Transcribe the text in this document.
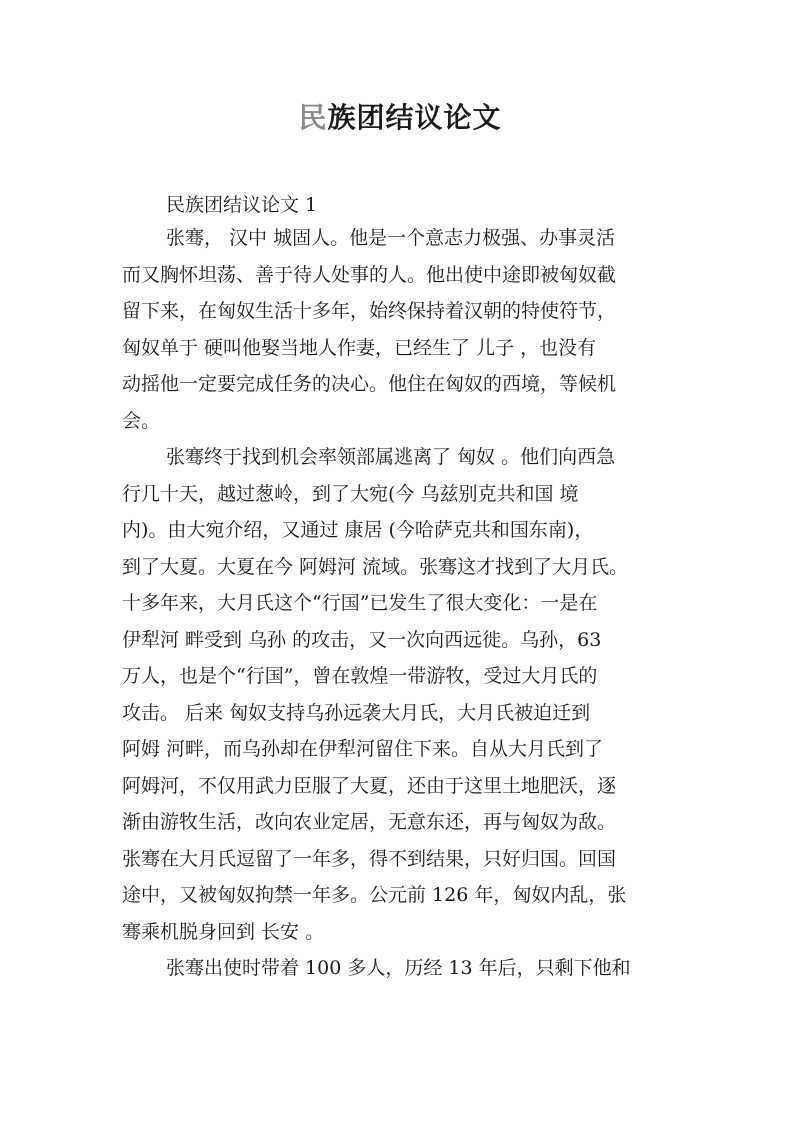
民族团结议论文

民族团结议论文 1

张骞， 汉中 城固人。他是一个意志力极强、办事灵活
而又胸怀坦荡、善于待人处事的人。他出使中途即被匈奴截
留下来，在匈奴生活十多年，始终保持着汉朝的特使符节，
匈奴单于 硬叫他娶当地人作妻，已经生了 儿子 ，也没有
动摇他一定要完成任务的决心。他住在匈奴的西境，等候机
会。

张骞终于找到机会率领部属逃离了 匈奴 。他们向西急
行几十天，越过葱岭，到了大宛(今 乌兹别克共和国 境
内)。由大宛介绍，又通过 康居 (今哈萨克共和国东南)，
到了大夏。大夏在今 阿姆河 流域。张骞这才找到了大月氏。
十多年来，大月氏这个“行国”已发生了很大变化：一是在
伊犁河 畔受到 乌孙 的攻击，又一次向西远徙。乌孙，63
万人，也是个“行国”，曾在敦煌一带游牧，受过大月氏的
攻击。 后来 匈奴支持乌孙远袭大月氏，大月氏被迫迁到
阿姆 河畔，而乌孙却在伊犁河留住下来。自从大月氏到了
阿姆河，不仅用武力臣服了大夏，还由于这里土地肥沃，逐
渐由游牧生活，改向农业定居，无意东还，再与匈奴为敌。
张骞在大月氏逗留了一年多，得不到结果，只好归国。回国
途中，又被匈奴拘禁一年多。公元前 126 年，匈奴内乱，张
骞乘机脱身回到 长安 。

张骞出使时带着 100 多人，历经 13 年后，只剩下他和
